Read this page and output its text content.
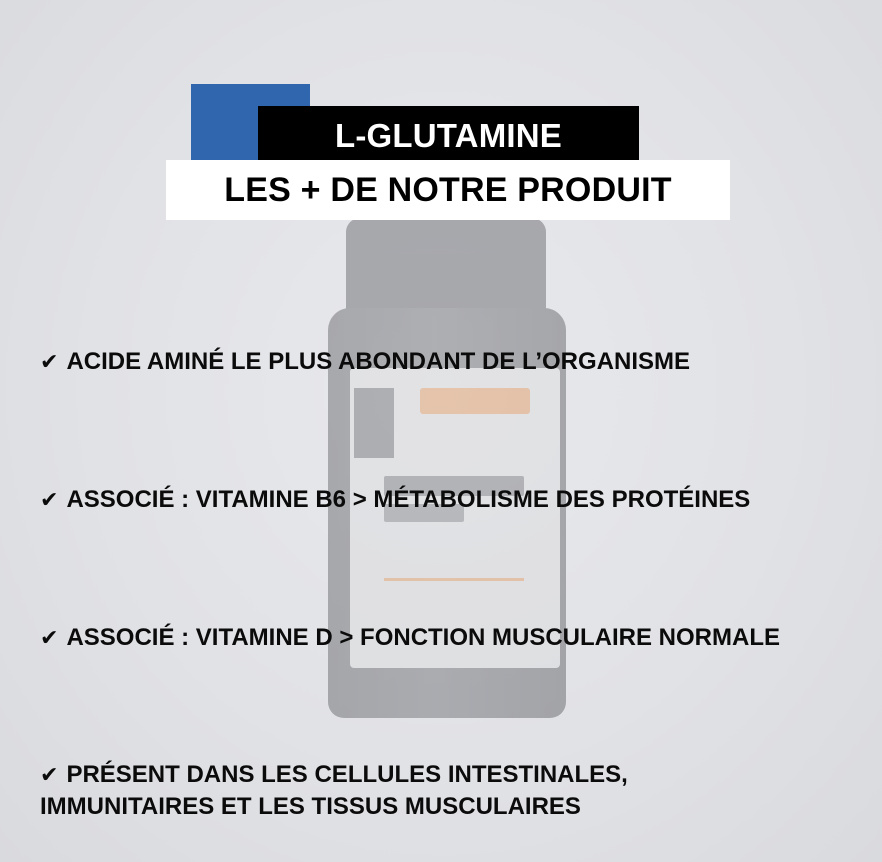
L-GLUTAMINE
LES + DE NOTRE PRODUIT
✔ ACIDE AMINÉ LE PLUS ABONDANT DE L’ORGANISME
✔ ASSOCIÉ : VITAMINE B6 > MÉTABOLISME DES PROTÉINES
✔ ASSOCIÉ : VITAMINE D > FONCTION MUSCULAIRE NORMALE
✔ PRÉSENT DANS LES CELLULES INTESTINALES,
IMMUNITAIRES ET LES TISSUS MUSCULAIRES
